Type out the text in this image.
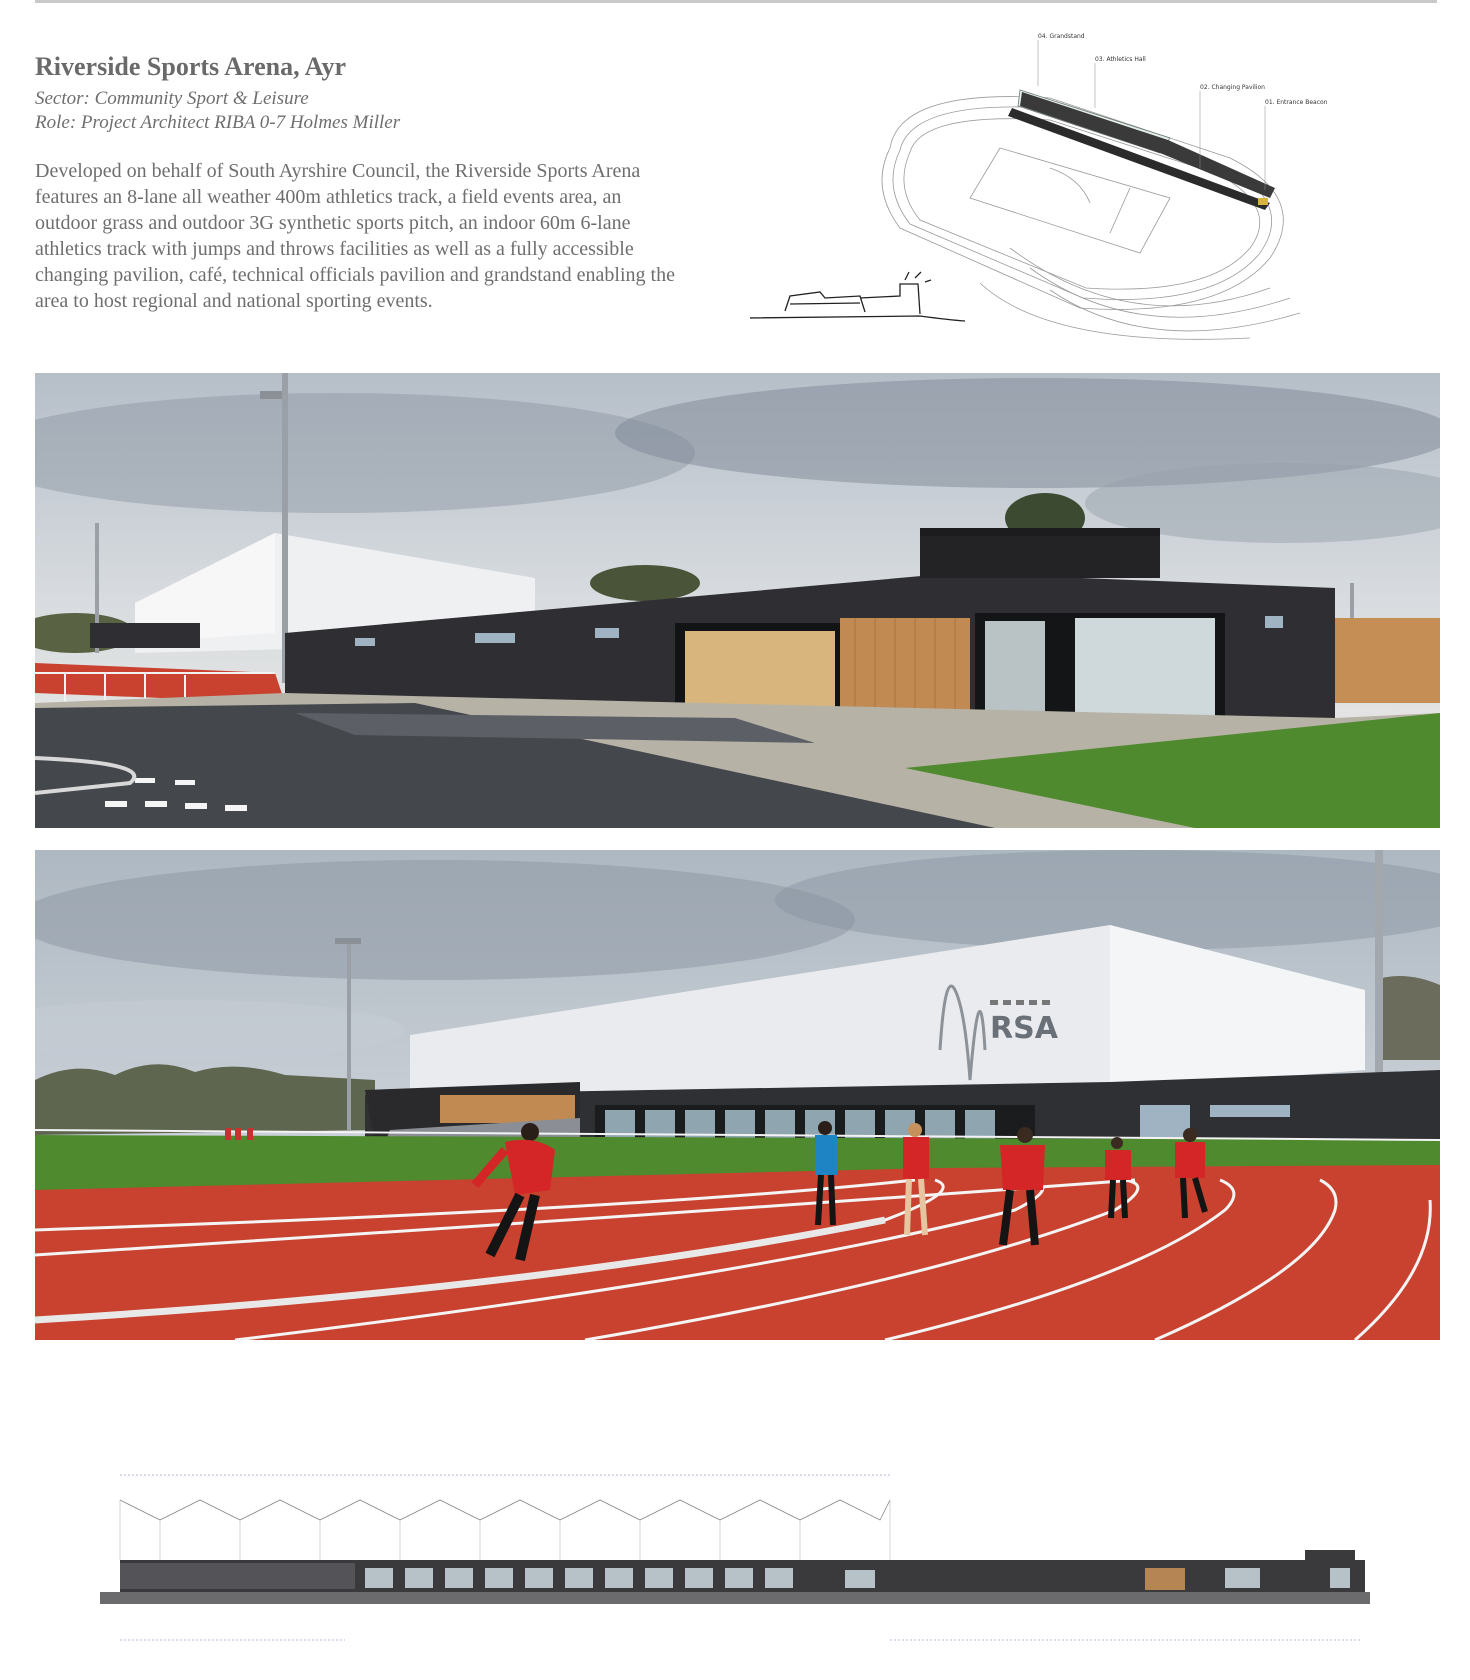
Riverside Sports Arena, Ayr

Sector: Community Sport & Leisure

Role: Project Architect RIBA 0-7 Holmes Miller

Developed on behalf of South Ayrshire Council, the Riverside Sports Arena features an 8-lane all weather 400m athletics track, a field events area, an outdoor grass and outdoor 3G synthetic sports pitch, an indoor 60m 6-lane athletics track with jumps and throws facilities as well as a fully accessible changing pavilion, café, technical officials pavilion and grandstand enabling the area to host regional and national sporting events.

04. Grandstand
03. Athletics Hall
02. Changing Pavilion
01. Entrance Beacon
RSA
